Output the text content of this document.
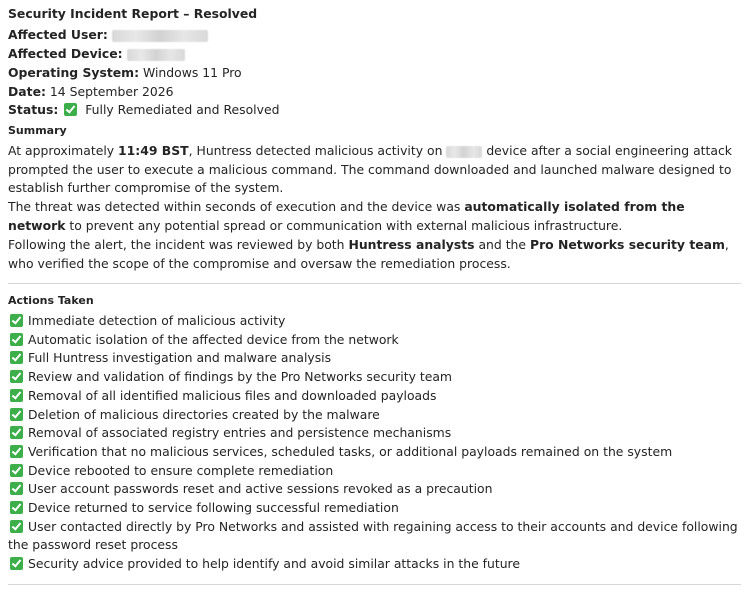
Security Incident Report – Resolved
Affected User:
Affected Device:
Operating System: Windows 11 Pro
Date: 14 September 2026
Status: Fully Remediated and Resolved
Summary
At approximately 11:49 BST, Huntress detected malicious activity on	device after a social engineering attack prompted the user to execute a malicious command. The command downloaded and launched malware designed to establish further compromise of the system.
The threat was detected within seconds of execution and the device was automatically isolated from the network to prevent any potential spread or communication with external malicious infrastructure.
Following the alert, the incident was reviewed by both Huntress analysts and the Pro Networks security team, who verified the scope of the compromise and oversaw the remediation process.
Actions Taken
Immediate detection of malicious activity
Automatic isolation of the affected device from the network
Full Huntress investigation and malware analysis
Review and validation of findings by the Pro Networks security team
Removal of all identified malicious files and downloaded payloads
Deletion of malicious directories created by the malware
Removal of associated registry entries and persistence mechanisms
Verification that no malicious services, scheduled tasks, or additional payloads remained on the system
Device rebooted to ensure complete remediation
User account passwords reset and active sessions revoked as a precaution
Device returned to service following successful remediation
User contacted directly by Pro Networks and assisted with regaining access to their accounts and device following the password reset process
Security advice provided to help identify and avoid similar attacks in the future
